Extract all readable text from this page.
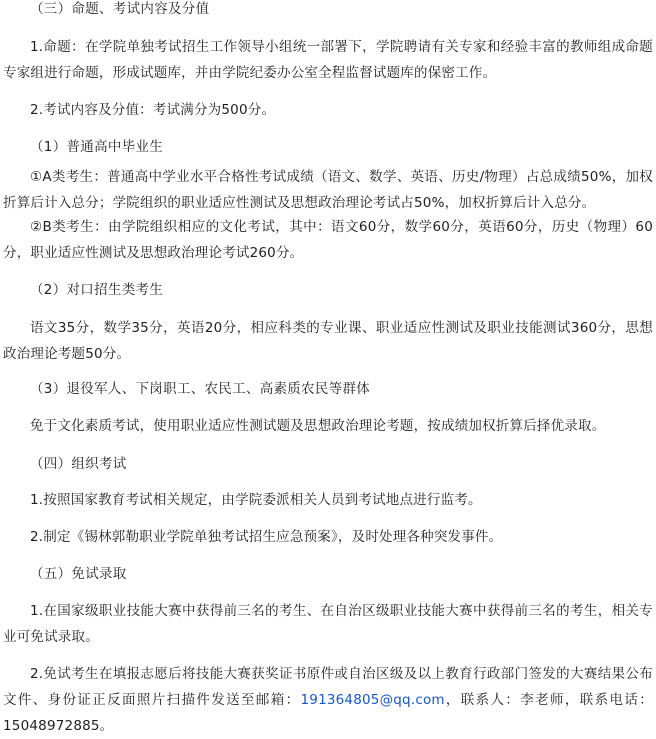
（三）命题、考试内容及分值

1.命题：在学院单独考试招生工作领导小组统一部署下，学院聘请有关专家和经验丰富的教师组成命题专家组进行命题，形成试题库，并由学院纪委办公室全程监督试题库的保密工作。

2.考试内容及分值：考试满分为500分。

（1）普通高中毕业生

①A类考生：普通高中学业水平合格性考试成绩（语文、数学、英语、历史/物理）占总成绩50%，加权折算后计入总分；学院组织的职业适应性测试及思想政治理论考试占50%，加权折算后计入总分。

②B类考生：由学院组织相应的文化考试，其中：语文60分，数学60分，英语60分，历史（物理）60分，职业适应性测试及思想政治理论考试260分。

（2）对口招生类考生

语文35分，数学35分，英语20分，相应科类的专业课、职业适应性测试及职业技能测试360分，思想政治理论考题50分。

（3）退役军人、下岗职工、农民工、高素质农民等群体

免于文化素质考试，使用职业适应性测试题及思想政治理论考题，按成绩加权折算后择优录取。

（四）组织考试

1.按照国家教育考试相关规定，由学院委派相关人员到考试地点进行监考。

2.制定《锡林郭勒职业学院单独考试招生应急预案》，及时处理各种突发事件。

（五）免试录取

1.在国家级职业技能大赛中获得前三名的考生、在自治区级职业技能大赛中获得前三名的考生，相关专业可免试录取。

2.免试考生在填报志愿后将技能大赛获奖证书原件或自治区级及以上教育行政部门签发的大赛结果公布文件、身份证正反面照片扫描件发送至邮箱：191364805@qq.com，联系人：李老师，联系电话：15048972885。
